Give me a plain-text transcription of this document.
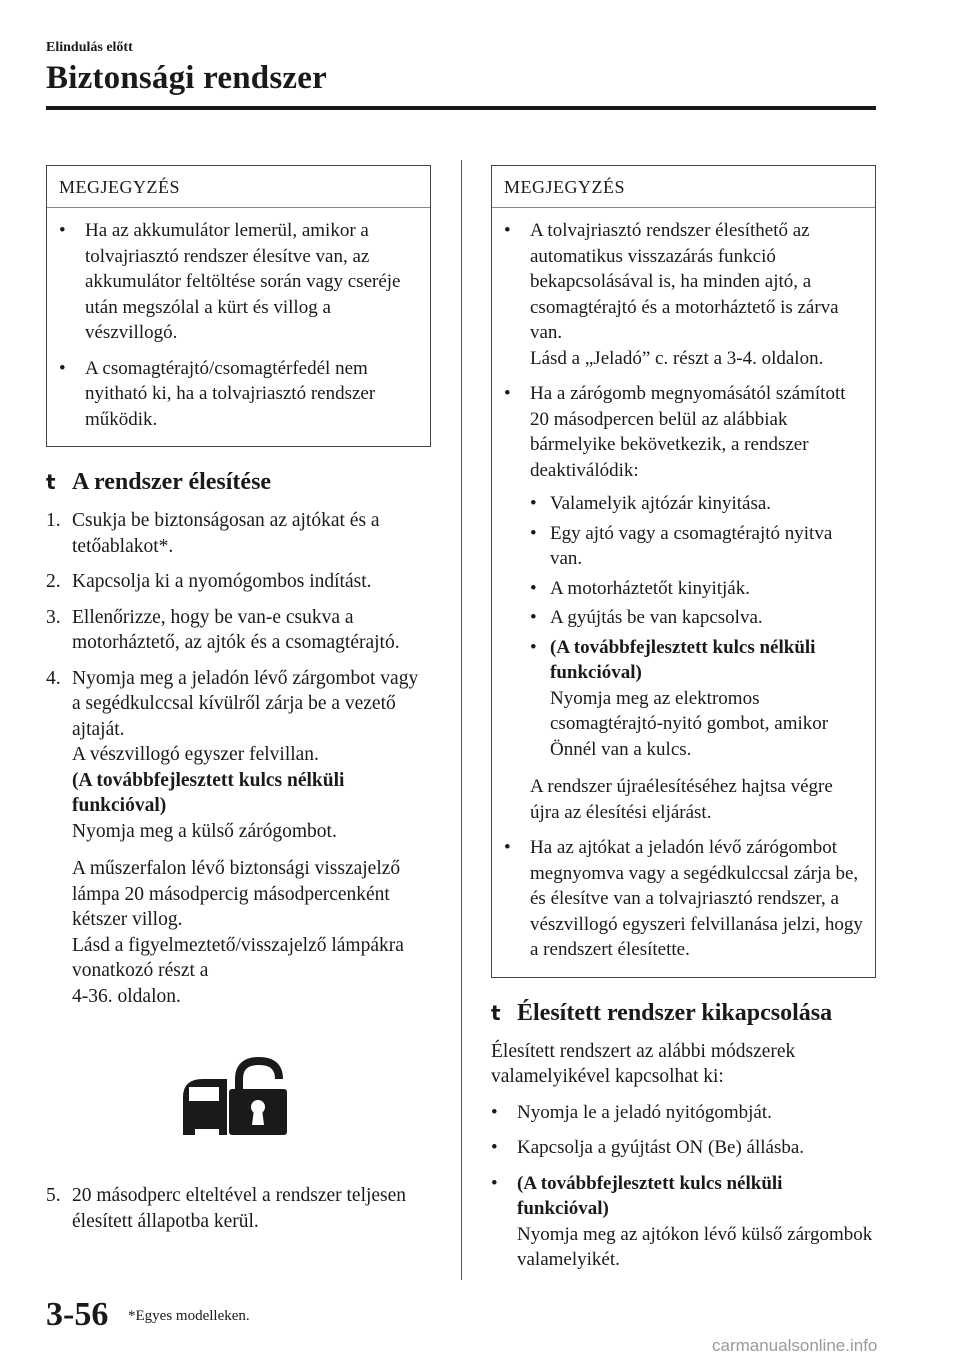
Elindulás előtt
Biztonsági rendszer
MEGJEGYZÉS
•	Ha az akkumulátor lemerül, amikor a tolvajriasztó rendszer élesítve van, az akkumulátor feltöltése során vagy cseréje után megszólal a kürt és villog a vészvillogó.
•	A csomagtérajtó/csomagtérfedél nem nyitható ki, ha a tolvajriasztó rendszer működik.
t A rendszer élesítése
1. Csukja be biztonságosan az ajtókat és a tetőablakot*.
2. Kapcsolja ki a nyomógombos indítást.
3. Ellenőrizze, hogy be van-e csukva a motorháztető, az ajtók és a csomagtérajtó.
4. Nyomja meg a jeladón lévő zárgombot vagy a segédkulccsal kívülről zárja be a vezető ajtaját.
A vészvillogó egyszer felvillan.
(A továbbfejlesztett kulcs nélküli funkcióval)
Nyomja meg a külső zárógombot.
A műszerfalon lévő biztonsági visszajelző lámpa 20 másodpercig másodpercenként kétszer villog.
Lásd a figyelmeztető/visszajelző lámpákra vonatkozó részt a
4-36. oldalon.
5. 20 másodperc elteltével a rendszer teljesen élesített állapotba kerül.
MEGJEGYZÉS
•	A tolvajriasztó rendszer élesíthető az automatikus visszazárás funkció bekapcsolásával is, ha minden ajtó, a csomagtérajtó és a motorháztető is zárva van.
Lásd a „Jeladó” c. részt a 3-4. oldalon.
•	Ha a zárógomb megnyomásától számított 20 másodpercen belül az alábbiak bármelyike bekövetkezik, a rendszer deaktiválódik:
• Valamelyik ajtózár kinyitása.
• Egy ajtó vagy a csomagtérajtó nyitva van.
• A motorháztetőt kinyitják.
• A gyújtás be van kapcsolva.
• (A továbbfejlesztett kulcs nélküli funkcióval)
Nyomja meg az elektromos csomagtérajtó-nyitó gombot, amikor Önnél van a kulcs.
A rendszer újraélesítéséhez hajtsa végre újra az élesítési eljárást.
•	Ha az ajtókat a jeladón lévő zárógombot megnyomva vagy a segédkulccsal zárja be, és élesítve van a tolvajriasztó rendszer, a vészvillogó egyszeri felvillanása jelzi, hogy a rendszert élesítette.
t Élesített rendszer kikapcsolása
Élesített rendszert az alábbi módszerek valamelyikével kapcsolhat ki:
•	Nyomja le a jeladó nyitógombját.
•	Kapcsolja a gyújtást ON (Be) állásba.
•	(A továbbfejlesztett kulcs nélküli funkcióval)
Nyomja meg az ajtókon lévő külső zárgombok valamelyikét.
3-56 *Egyes modelleken.
carmanualsonline.info
